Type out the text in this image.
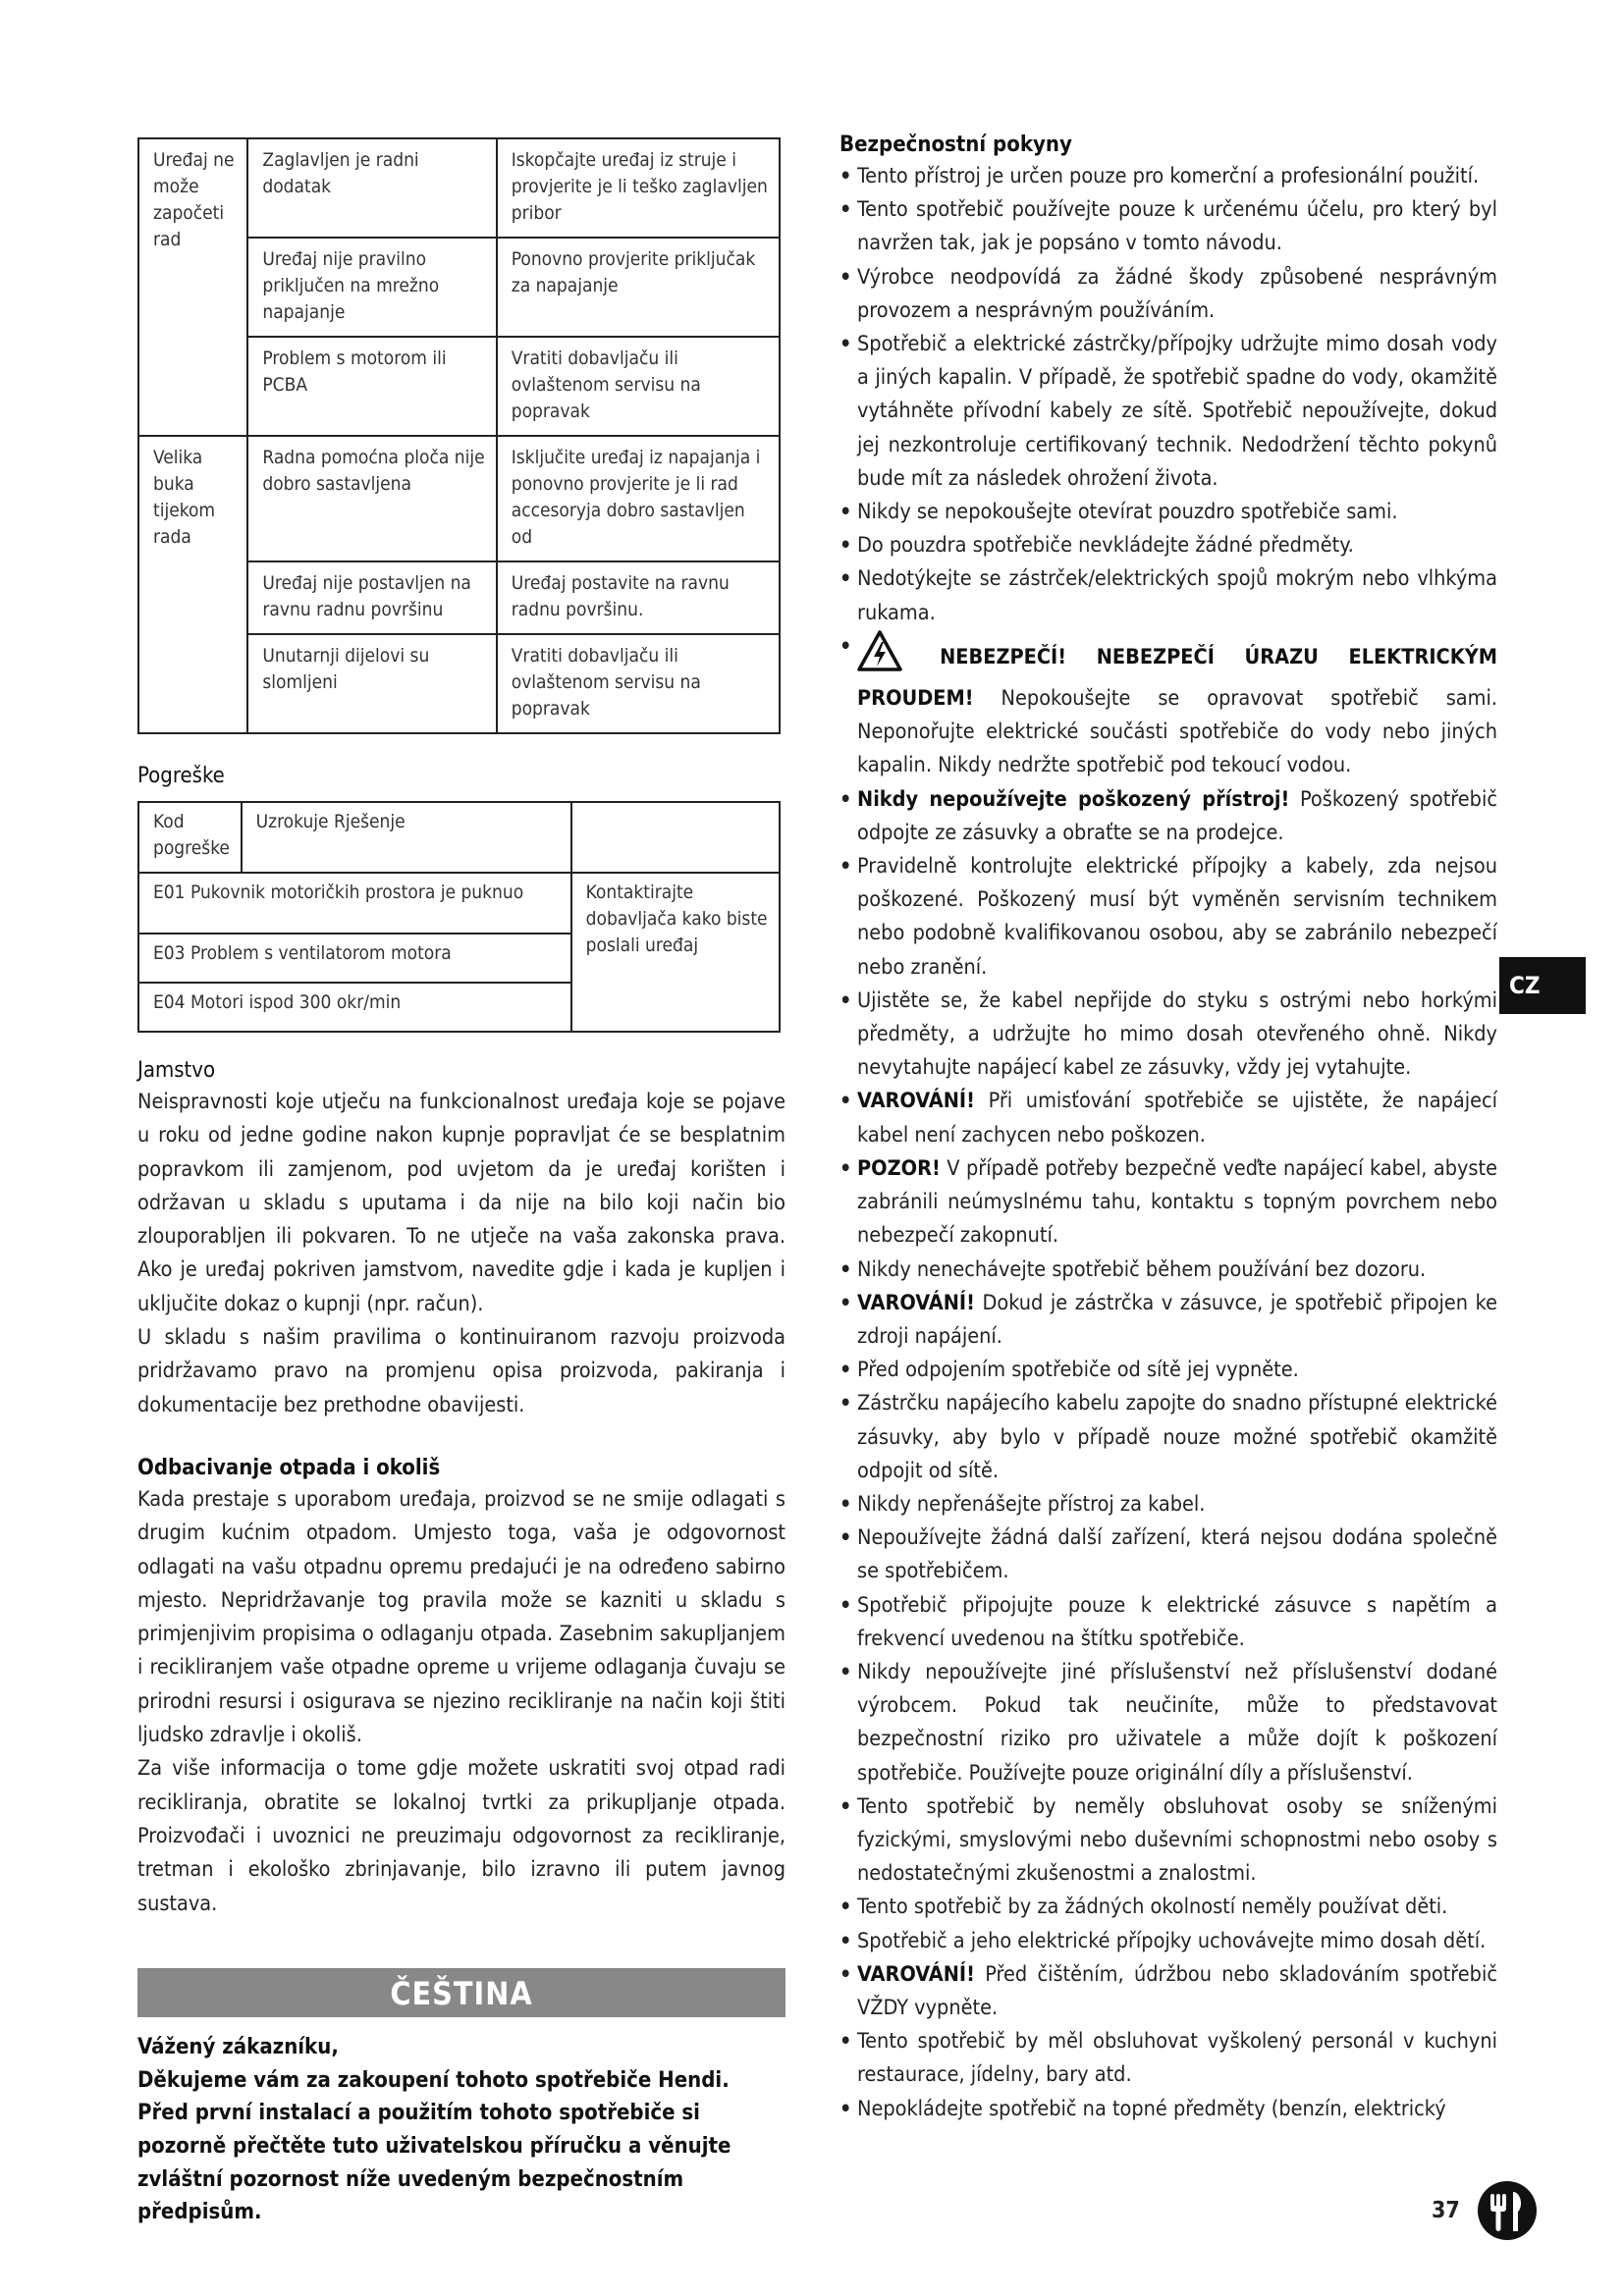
Uređaj ne može započeti rad	Zaglavljen je radni dodatak	Iskopčajte uređaj iz struje i provjerite je li teško zaglavljen pribor
	Uređaj nije pravilno priključen na mrežno napajanje	Ponovno provjerite priključak za napajanje
	Problem s motorom ili PCBA	Vratiti dobavljaču ili ovlaštenom servisu na popravak
Velika buka tijekom rada	Radna pomoćna ploča nije dobro sastavljena	Isključite uređaj iz napajanja i ponovno provjerite je li rad accesoryja dobro sastavljen od
	Uređaj nije postavljen na ravnu radnu površinu	Uređaj postavite na ravnu radnu površinu.
	Unutarnji dijelovi su slomljeni	Vratiti dobavljaču ili ovlaštenom servisu na popravak

Pogreške

Kod pogreške	Uzrokuje Rješenje	
E01 Pukovnik motoričkih prostora je puknuo		Kontaktirajte dobavljača kako biste poslali uređaj
E03 Problem s ventilatorom motora		
E04 Motori ispod 300 okr/min		

Jamstvo

Neispravnosti koje utječu na funkcionalnost uređaja koje se pojave u roku od jedne godine nakon kupnje popravljat će se besplatnim popravkom ili zamjenom, pod uvjetom da je uređaj korišten i održavan u skladu s uputama i da nije na bilo koji način bio zlouporabljen ili pokvaren. To ne utječe na vaša zakonska prava. Ako je uređaj pokriven jamstvom, navedite gdje i kada je kupljen i uključite dokaz o kupnji (npr. račun).

U skladu s našim pravilima o kontinuiranom razvoju proizvoda pridržavamo pravo na promjenu opisa proizvoda, pakiranja i dokumentacije bez prethodne obavijesti.

Odbacivanje otpada i okoliš

Kada prestaje s uporabom uređaja, proizvod se ne smije odlagati s drugim kućnim otpadom. Umjesto toga, vaša je odgovornost odlagati na vašu otpadnu opremu predajući je na određeno sabirno mjesto. Nepridržavanje tog pravila može se kazniti u skladu s primjenjivim propisima o odlaganju otpada. Zasebnim sakupljanjem i recikliranjem vaše otpadne opreme u vrijeme odlaganja čuvaju se prirodni resursi i osigurava se njezino recikliranje na način koji štiti ljudsko zdravlje i okoliš.

Za više informacija o tome gdje možete uskratiti svoj otpad radi recikliranja, obratite se lokalnoj tvrtki za prikupljanje otpada. Proizvođači i uvoznici ne preuzimaju odgovornost za recikliranje, tretman i ekološko zbrinjavanje, bilo izravno ili putem javnog sustava.

ČEŠTINA

Vážený zákazníku,

Děkujeme vám za zakoupení tohoto spotřebiče Hendi. Před první instalací a použitím tohoto spotřebiče si pozorně přečtěte tuto uživatelskou příručku a věnujte zvláštní pozornost níže uvedeným bezpečnostním předpisům.

Bezpečnostní pokyny

• Tento přístroj je určen pouze pro komerční a profesionální použití.
• Tento spotřebič používejte pouze k určenému účelu, pro který byl navržen tak, jak je popsáno v tomto návodu.
• Výrobce neodpovídá za žádné škody způsobené nesprávným provozem a nesprávným používáním.
• Spotřebič a elektrické zástrčky/přípojky udržujte mimo dosah vody a jiných kapalin. V případě, že spotřebič spadne do vody, okamžitě vytáhněte přívodní kabely ze sítě. Spotřebič nepoužívejte, dokud jej nezkontroluje certifikovaný technik. Nedodržení těchto pokynů bude mít za následek ohrožení života.
• Nikdy se nepokoušejte otevírat pouzdro spotřebiče sami.
• Do pouzdra spotřebiče nevkládejte žádné předměty.
• Nedotýkejte se zástrček/elektrických spojů mokrým nebo vlhkýma rukama.
• NEBEZPEČÍ! NEBEZPEČÍ ÚRAZU ELEKTRICKÝM PROUDEM! Nepokoušejte se opravovat spotřebič sami. Neponořujte elektrické součásti spotřebiče do vody nebo jiných kapalin. Nikdy nedržte spotřebič pod tekoucí vodou.
• Nikdy nepoužívejte poškozený přístroj! Poškozený spotřebič odpojte ze zásuvky a obraťte se na prodejce.
• Pravidelně kontrolujte elektrické přípojky a kabely, zda nejsou poškozené. Poškozený musí být vyměněn servisním technikem nebo podobně kvalifikovanou osobou, aby se zabránilo nebezpečí nebo zranění.
• Ujistěte se, že kabel nepřijde do styku s ostrými nebo horkými předměty, a udržujte ho mimo dosah otevřeného ohně. Nikdy nevytahujte napájecí kabel ze zásuvky, vždy jej vytahujte.
• VAROVÁNÍ! Při umisťování spotřebiče se ujistěte, že napájecí kabel není zachycen nebo poškozen.
• POZOR! V případě potřeby bezpečně veďte napájecí kabel, abyste zabránili neúmyslnému tahu, kontaktu s topným povrchem nebo nebezpečí zakopnutí.
• Nikdy nenechávejte spotřebič během používání bez dozoru.
• VAROVÁNÍ! Dokud je zástrčka v zásuvce, je spotřebič připojen ke zdroji napájení.
• Před odpojením spotřebiče od sítě jej vypněte.
• Zástrčku napájecího kabelu zapojte do snadno přístupné elektrické zásuvky, aby bylo v případě nouze možné spotřebič okamžitě odpojit od sítě.
• Nikdy nepřenášejte přístroj za kabel.
• Nepoužívejte žádná další zařízení, která nejsou dodána společně se spotřebičem.
• Spotřebič připojujte pouze k elektrické zásuvce s napětím a frekvencí uvedenou na štítku spotřebiče.
• Nikdy nepoužívejte jiné příslušenství než příslušenství dodané výrobcem. Pokud tak neučiníte, může to představovat bezpečnostní riziko pro uživatele a může dojít k poškození spotřebiče. Používejte pouze originální díly a příslušenství.
• Tento spotřebič by neměly obsluhovat osoby se sníženými fyzickými, smyslovými nebo duševními schopnostmi nebo osoby s nedostatečnými zkušenostmi a znalostmi.
• Tento spotřebič by za žádných okolností neměly používat děti.
• Spotřebič a jeho elektrické přípojky uchovávejte mimo dosah dětí.
• VAROVÁNÍ! Před čištěním, údržbou nebo skladováním spotřebič VŽDY vypněte.
• Tento spotřebič by měl obsluhovat vyškolený personál v kuchyni restaurace, jídelny, bary atd.
• Nepokládejte spotřebič na topné předměty (benzín, elektrický
CZ
37
